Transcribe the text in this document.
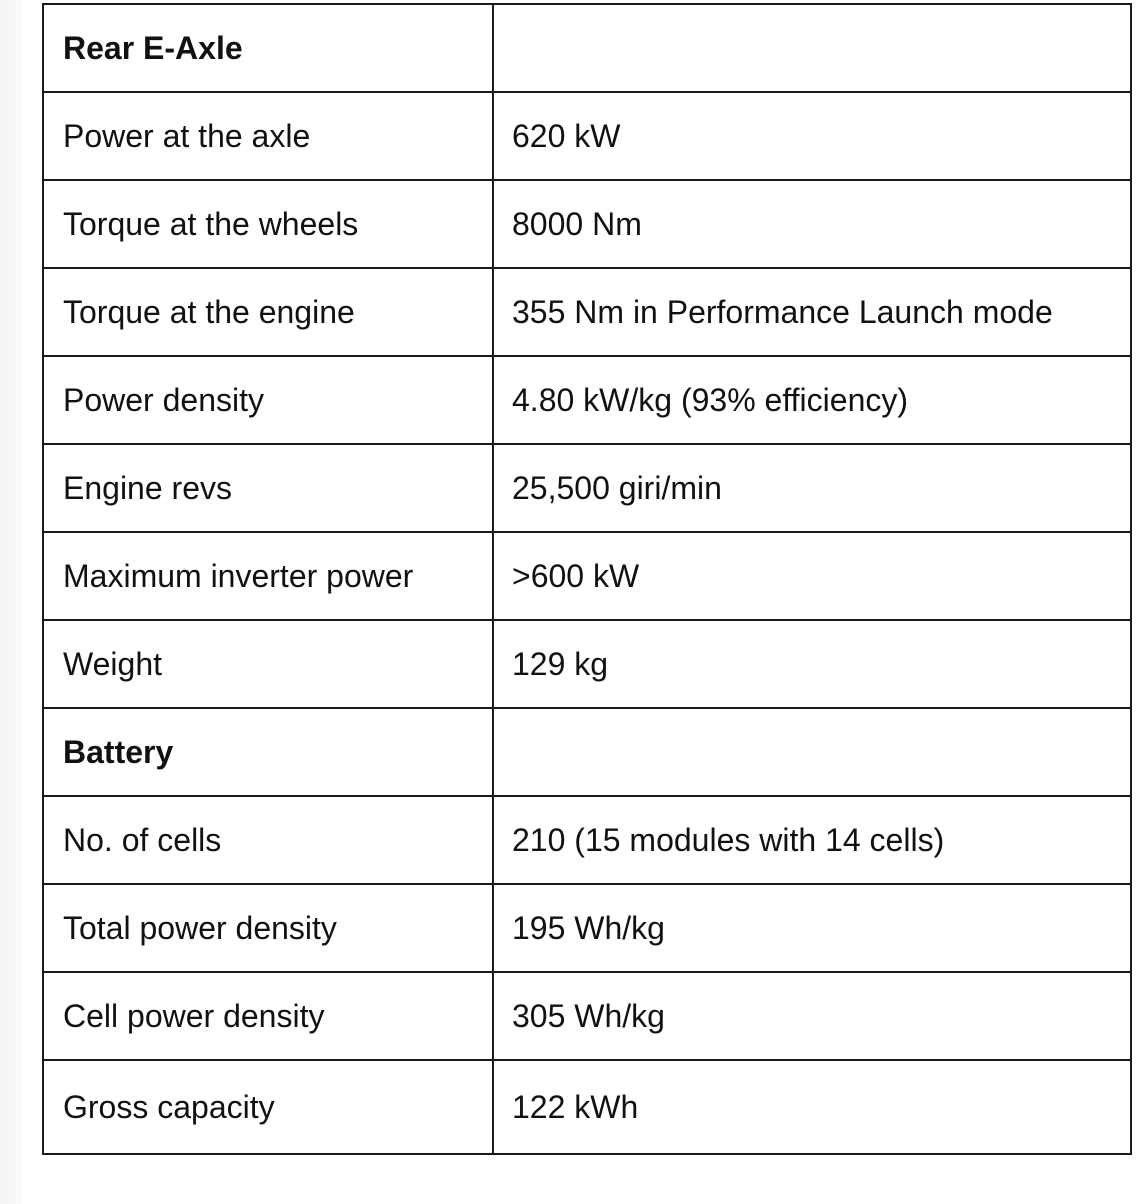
Rear E-Axle	
Power at the axle	620 kW
Torque at the wheels	8000 Nm
Torque at the engine	355 Nm in Performance Launch mode
Power density	4.80 kW/kg (93% efficiency)
Engine revs	25,500 giri/min
Maximum inverter power	>600 kW
Weight	129 kg
Battery	
No. of cells	210 (15 modules with 14 cells)
Total power density	195 Wh/kg
Cell power density	305 Wh/kg
Gross capacity	122 kWh
